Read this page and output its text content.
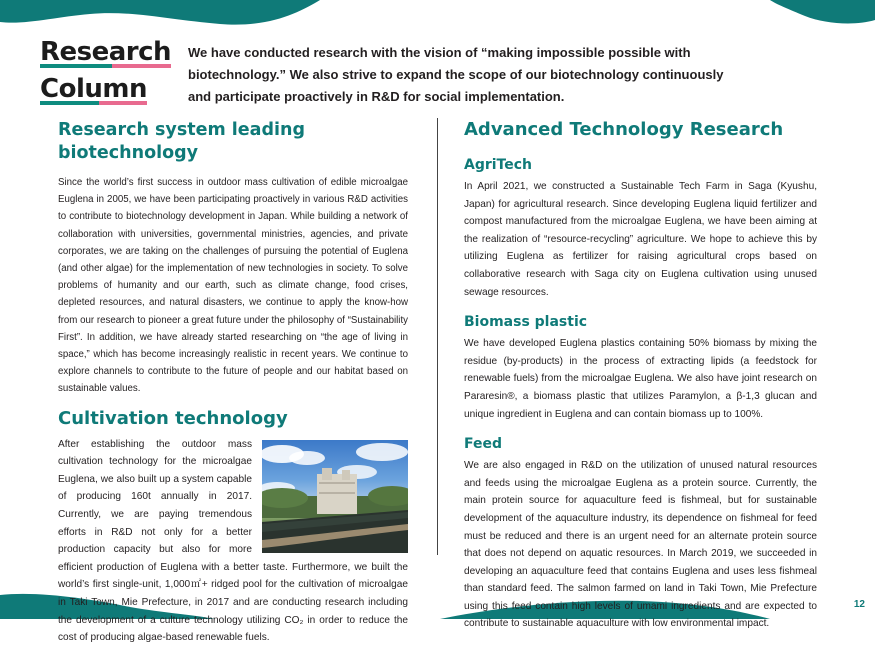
Research
Column
We have conducted research with the vision of “making impossible possible with biotechnology.” We also strive to expand the scope of our biotechnology continuously and participate proactively in R&D for social implementation.
Research system leading biotechnology

Since the world’s first success in outdoor mass cultivation of edible microalgae Euglena in 2005, we have been participating proactively in various R&D activities to contribute to biotechnology development in Japan. While building a network of collaboration with universities, governmental ministries, agencies, and private corporates, we are taking on the challenges of pursuing the potential of Euglena (and other algae) for the implementation of new technologies in society. To solve problems of humanity and our earth, such as climate change, food crises, depleted resources, and natural disasters, we continue to apply the know-how from our research to pioneer a great future under the philosophy of “Sustainability First”. In addition, we have already started researching on “the age of living in space,” which has become increasingly realistic in recent years. We continue to explore channels to contribute to the future of people and our habitat based on sustainable values.

Cultivation technology

After establishing the outdoor mass cultivation technology for the microalgae Euglena, we also built up a system capable of producing 160t annually in 2017. Currently, we are paying tremendous efforts in R&D not only for a better production capacity but also for more efficient production of Euglena with a better taste. Furthermore, we built the world’s first single-unit, 1,000㎡+ ridged pool for the cultivation of microalgae in Taki Town, Mie Prefecture, in 2017 and are conducting research including the development of a culture technology utilizing CO₂ in order to reduce the cost of producing algae-based renewable fuels.

Advanced Technology Research
AgriTech

In April 2021, we constructed a Sustainable Tech Farm in Saga (Kyushu, Japan) for agricultural research. Since developing Euglena liquid fertilizer and compost manufactured from the microalgae Euglena, we have been aiming at the realization of “resource-recycling” agriculture. We hope to achieve this by utilizing Euglena as fertilizer for raising agricultural crops based on collaborative research with Saga city on Euglena cultivation using unused sewage resources.

Biomass plastic

We have developed Euglena plastics containing 50% biomass by mixing the residue (by-products) in the process of extracting lipids (a feedstock for renewable fuels) from the microalgae Euglena. We also have joint research on Pararesin®, a biomass plastic that utilizes Paramylon, a β-1,3 glucan and unique ingredient in Euglena and can contain biomass up to 100%.

Feed

We are also engaged in R&D on the utilization of unused natural resources and feeds using the microalgae Euglena as a protein source. Currently, the main protein source for aquaculture feed is fishmeal, but for sustainable development of the aquaculture industry, its dependence on fishmeal for feed must be reduced and there is an urgent need for an alternate protein source that does not depend on aquatic resources. In March 2019, we succeeded in developing an aquaculture feed that contains Euglena and uses less fishmeal than standard feed. The salmon farmed on land in Taki Town, Mie Prefecture using this feed contain high levels of umami ingredients and are expected to contribute to sustainable aquaculture with low environmental impact.

12
